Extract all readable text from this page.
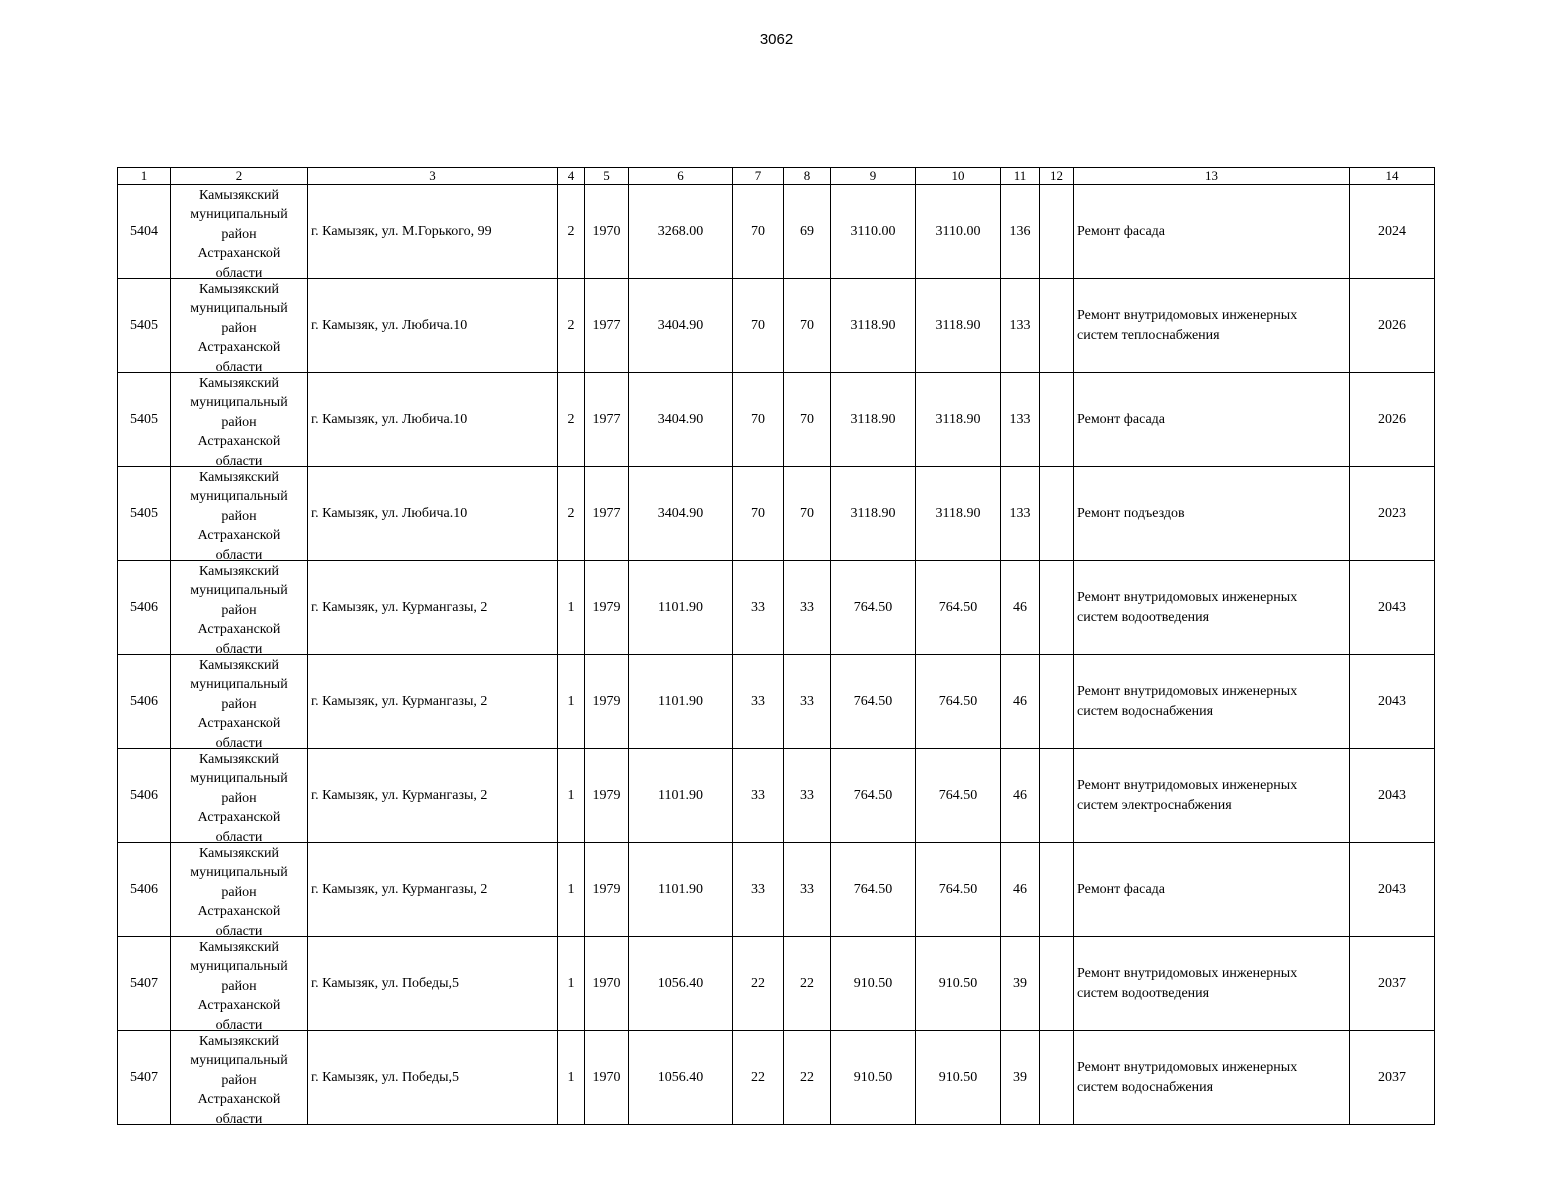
3062
1	2	3	4	5	6	7	8	9	10	11	12	13	14
5404	Камызякский
муниципальный
район
Астраханской
области	г. Камызяк, ул. М.Горького, 99	2	1970	3268.00	70	69	3110.00	3110.00	136		Ремонт фасада	2024
5405	Камызякский
муниципальный
район
Астраханской
области	г. Камызяк, ул. Любича.10	2	1977	3404.90	70	70	3118.90	3118.90	133		Ремонт внутридомовых инженерных
систем теплоснабжения	2026
5405	Камызякский
муниципальный
район
Астраханской
области	г. Камызяк, ул. Любича.10	2	1977	3404.90	70	70	3118.90	3118.90	133		Ремонт фасада	2026
5405	Камызякский
муниципальный
район
Астраханской
области	г. Камызяк, ул. Любича.10	2	1977	3404.90	70	70	3118.90	3118.90	133		Ремонт подъездов	2023
5406	Камызякский
муниципальный
район
Астраханской
области	г. Камызяк, ул. Курмангазы, 2	1	1979	1101.90	33	33	764.50	764.50	46		Ремонт внутридомовых инженерных
систем водоотведения	2043
5406	Камызякский
муниципальный
район
Астраханской
области	г. Камызяк, ул. Курмангазы, 2	1	1979	1101.90	33	33	764.50	764.50	46		Ремонт внутридомовых инженерных
систем водоснабжения	2043
5406	Камызякский
муниципальный
район
Астраханской
области	г. Камызяк, ул. Курмангазы, 2	1	1979	1101.90	33	33	764.50	764.50	46		Ремонт внутридомовых инженерных
систем электроснабжения	2043
5406	Камызякский
муниципальный
район
Астраханской
области	г. Камызяк, ул. Курмангазы, 2	1	1979	1101.90	33	33	764.50	764.50	46		Ремонт фасада	2043
5407	Камызякский
муниципальный
район
Астраханской
области	г. Камызяк, ул. Победы,5	1	1970	1056.40	22	22	910.50	910.50	39		Ремонт внутридомовых инженерных
систем водоотведения	2037
5407	Камызякский
муниципальный
район
Астраханской
области	г. Камызяк, ул. Победы,5	1	1970	1056.40	22	22	910.50	910.50	39		Ремонт внутридомовых инженерных
систем водоснабжения	2037
